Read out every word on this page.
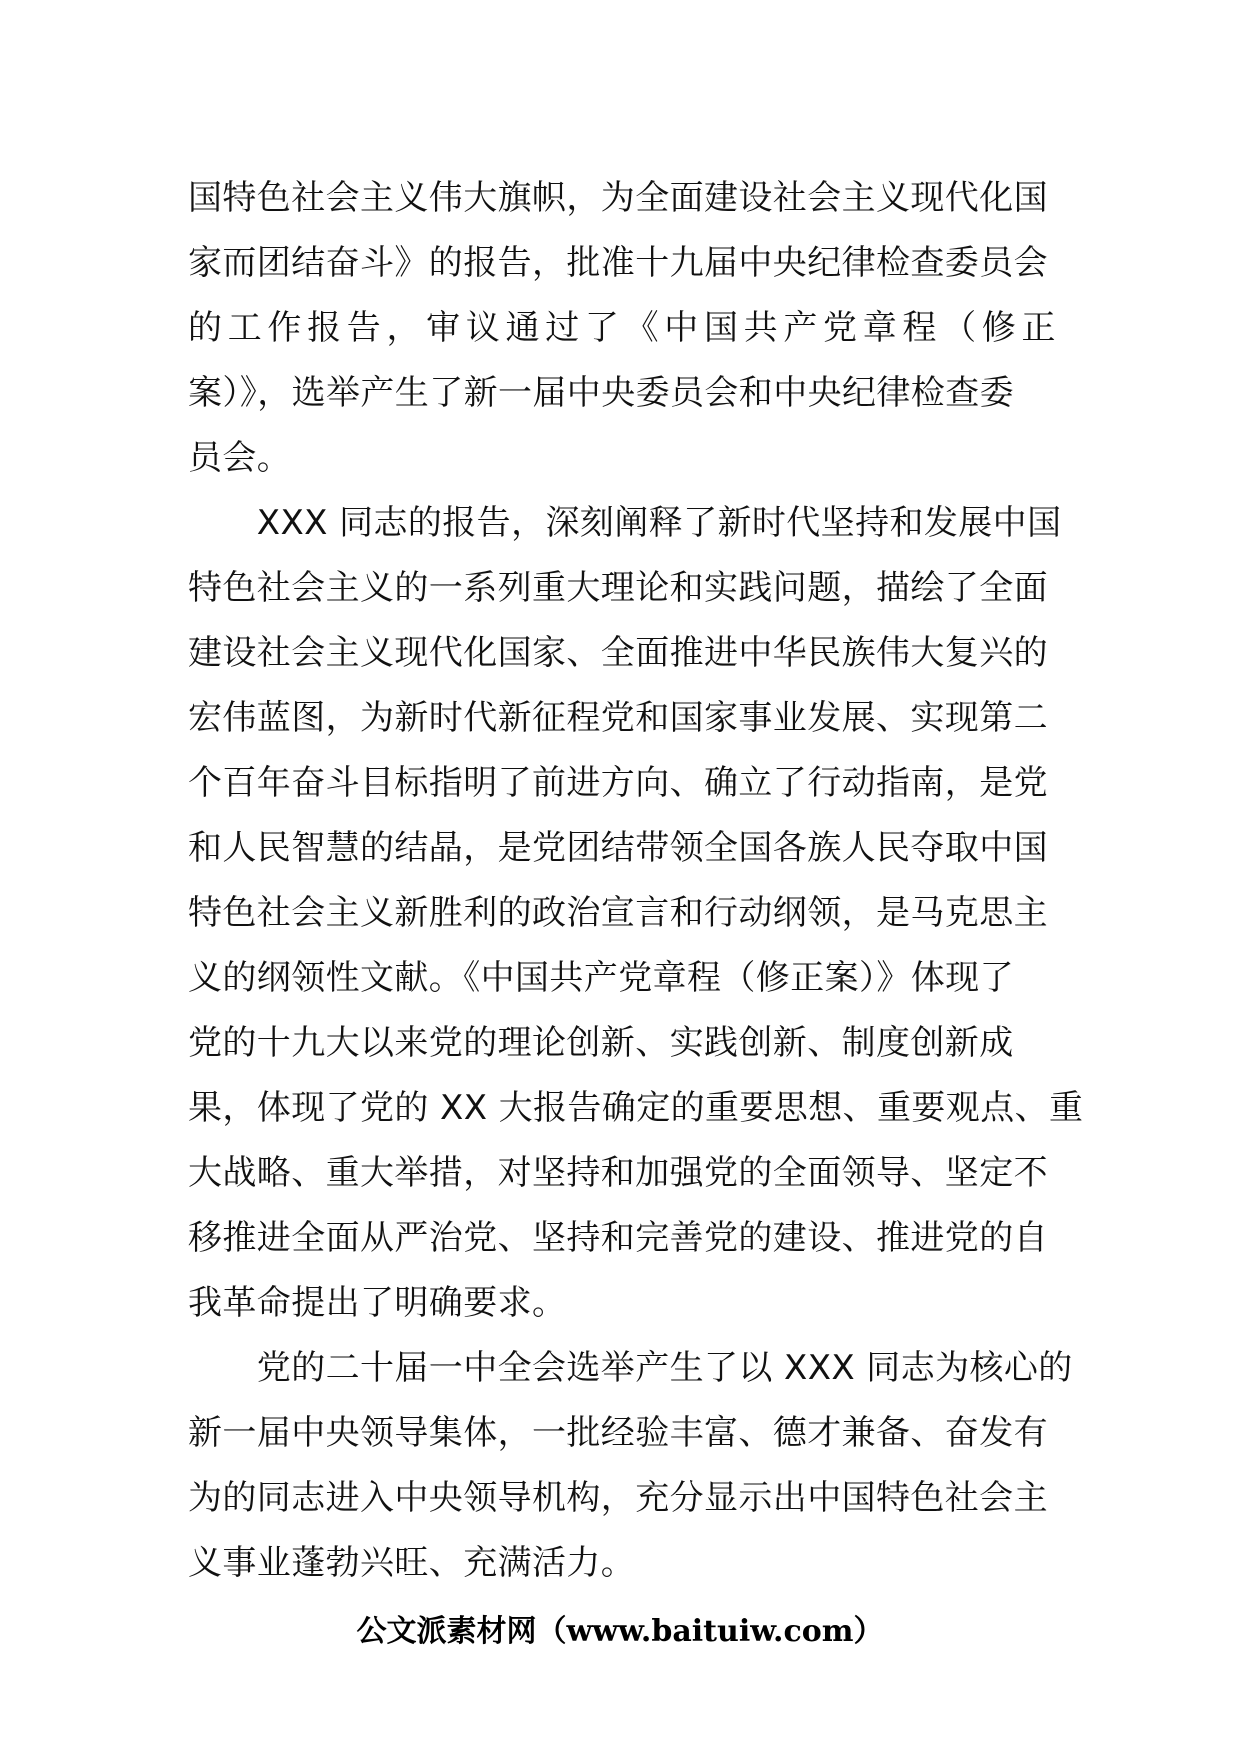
国特色社会主义伟大旗帜，为全面建设社会主义现代化国
家而团结奋斗》的报告，批准十九届中央纪律检查委员会
的 工 作 报 告 ， 审 议 通 过 了 《 中 国 共 产 党 章 程 （ 修 正
案）》，选举产生了新一届中央委员会和中央纪律检查委
员会。
　　XXX 同志的报告，深刻阐释了新时代坚持和发展中国
特色社会主义的一系列重大理论和实践问题，描绘了全面
建设社会主义现代化国家、全面推进中华民族伟大复兴的
宏伟蓝图，为新时代新征程党和国家事业发展、实现第二
个百年奋斗目标指明了前进方向、确立了行动指南，是党
和人民智慧的结晶，是党团结带领全国各族人民夺取中国
特色社会主义新胜利的政治宣言和行动纲领，是马克思主
义的纲领性文献。《中国共产党章程（修正案）》体现了
党的十九大以来党的理论创新、实践创新、制度创新成
果，体现了党的 XX 大报告确定的重要思想、重要观点、重
大战略、重大举措，对坚持和加强党的全面领导、坚定不
移推进全面从严治党、坚持和完善党的建设、推进党的自
我革命提出了明确要求。
　　党的二十届一中全会选举产生了以 XXX 同志为核心的
新一届中央领导集体，一批经验丰富、德才兼备、奋发有
为的同志进入中央领导机构，充分显示出中国特色社会主
义事业蓬勃兴旺、充满活力。
公文派素材网（www.baituiw.com）
